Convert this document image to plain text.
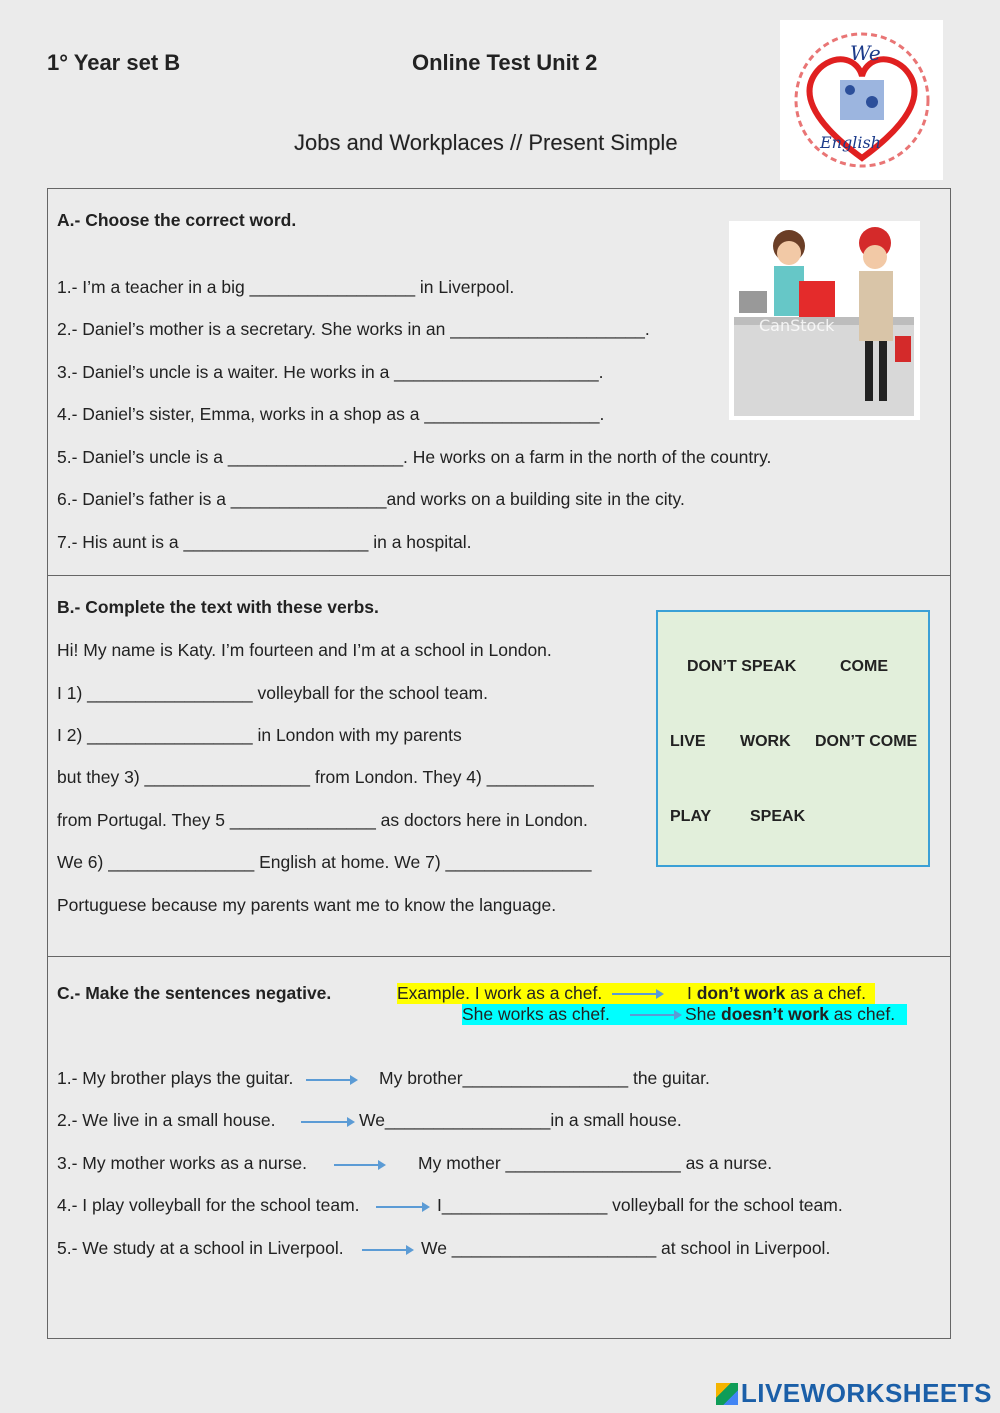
1° Year set B	Online Test Unit 2
Jobs and Workplaces // Present Simple
We
English
A.- Choose the correct word.
1.- I’m a teacher in a big _________________ in Liverpool.
2.- Daniel’s mother is a secretary. She works in an ____________________.
3.- Daniel’s uncle is a waiter. He works in a _____________________.
4.- Daniel’s sister, Emma, works in a shop as a __________________.
5.- Daniel’s uncle is a __________________. He works on a farm in the north of the country.
6.- Daniel’s father is a ________________and works on a building site in the city.
7.- His aunt is a ___________________ in a hospital.
CanStock
B.- Complete the text with these verbs.
Hi! My name is Katy. I’m fourteen and I’m at a school in London.
I 1) _________________ volleyball for the school team.
I 2) _________________ in London with my parents
but they 3) _________________ from London. They 4) ___________
from Portugal. They 5 _______________ as doctors here in London.
We 6) _______________ English at home. We 7) _______________
Portuguese because my parents want me to know the language.
DON’T SPEAK	COME
LIVE WORK DON’T COME
PLAY SPEAK
C.- Make the sentences negative.	Example. I work as a chef.	I don’t work as a chef.
She works as chef.	She doesn’t work as chef.
1.- My brother plays the guitar.	My brother_________________ the guitar.
2.- We live in a small house.	We_________________in a small house.
3.- My mother works as a nurse.	My mother __________________ as a nurse.
4.- I play volleyball for the school team.	I_________________ volleyball for the school team.
5.- We study at a school in Liverpool.	We _____________________ at school in Liverpool.
LIVEWORKSHEETS
